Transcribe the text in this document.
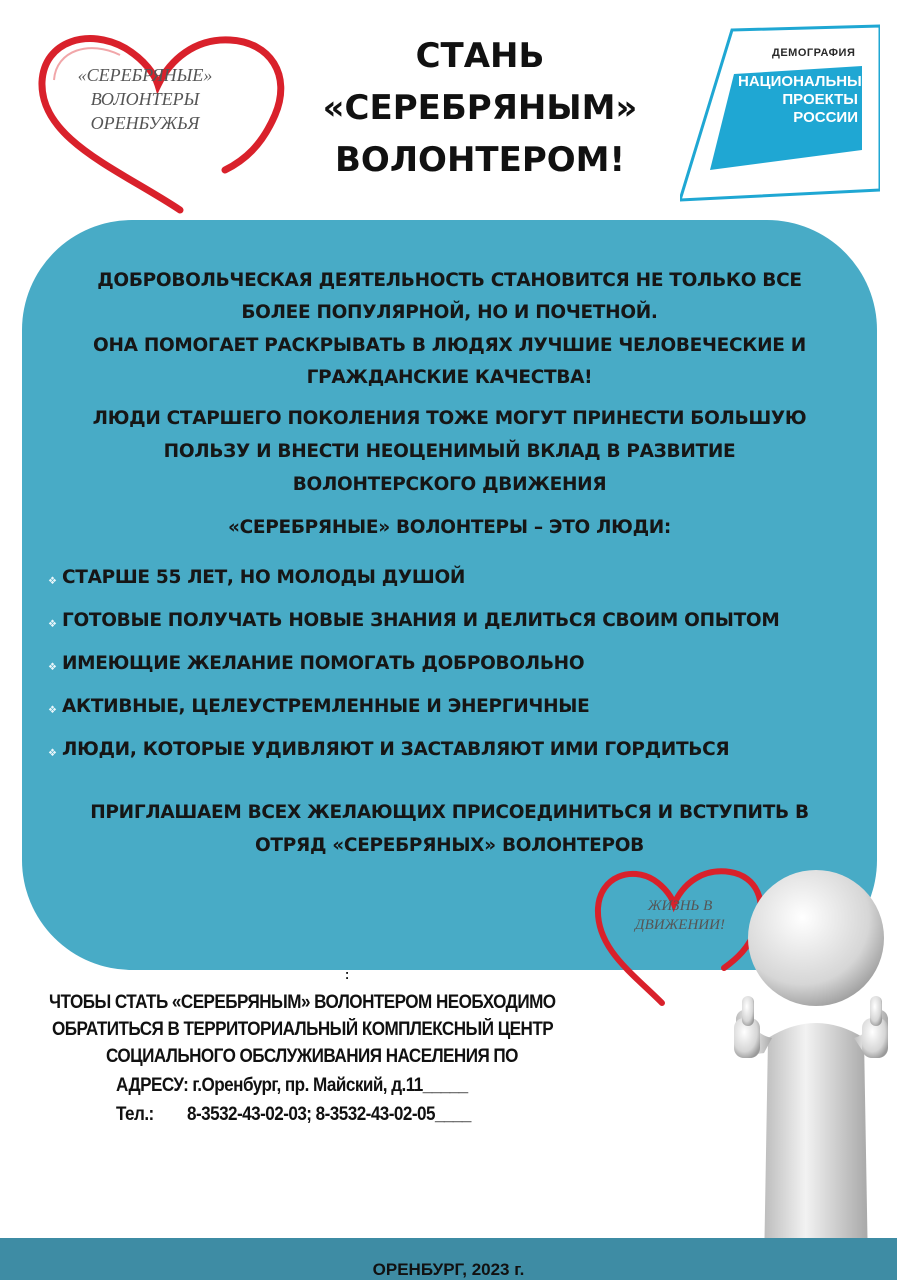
«СЕРЕБРЯНЫЕ»
ВОЛОНТЕРЫ
ОРЕНБУЖЬЯ
СТАНЬ
«СЕРЕБРЯНЫМ»
ВОЛОНТЕРОМ!
ДЕМОГРАФИЯ
НАЦИОНАЛЬНЫЕ
ПРОЕКТЫ
РОССИИ
ДОБРОВОЛЬЧЕСКАЯ ДЕЯТЕЛЬНОСТЬ СТАНОВИТСЯ НЕ ТОЛЬКО ВСЕ
БОЛЕЕ ПОПУЛЯРНОЙ, НО И ПОЧЕТНОЙ.
ОНА ПОМОГАЕТ РАСКРЫВАТЬ В ЛЮДЯХ ЛУЧШИЕ ЧЕЛОВЕЧЕСКИЕ И
ГРАЖДАНСКИЕ КАЧЕСТВА!
ЛЮДИ СТАРШЕГО ПОКОЛЕНИЯ ТОЖЕ МОГУТ ПРИНЕСТИ БОЛЬШУЮ
ПОЛЬЗУ И ВНЕСТИ НЕОЦЕНИМЫЙ ВКЛАД В РАЗВИТИЕ
ВОЛОНТЕРСКОГО ДВИЖЕНИЯ
«СЕРЕБРЯНЫЕ» ВОЛОНТЕРЫ – ЭТО ЛЮДИ:
❖ СТАРШЕ 55 ЛЕТ, НО МОЛОДЫ ДУШОЙ
❖ ГОТОВЫЕ ПОЛУЧАТЬ НОВЫЕ ЗНАНИЯ И ДЕЛИТЬСЯ СВОИМ ОПЫТОМ
❖ ИМЕЮЩИЕ ЖЕЛАНИЕ ПОМОГАТЬ ДОБРОВОЛЬНО
❖ АКТИВНЫЕ, ЦЕЛЕУСТРЕМЛЕННЫЕ И ЭНЕРГИЧНЫЕ
❖ ЛЮДИ, КОТОРЫЕ УДИВЛЯЮТ И ЗАСТАВЛЯЮТ ИМИ ГОРДИТЬСЯ
ПРИГЛАШАЕМ ВСЕХ ЖЕЛАЮЩИХ ПРИСОЕДИНИТЬСЯ И ВСТУПИТЬ В
ОТРЯД «СЕРЕБРЯНЫХ» ВОЛОНТЕРОВ
ЖИЗНЬ В
ДВИЖЕНИИ!
:
ЧТОБЫ СТАТЬ «СЕРЕБРЯНЫМ» ВОЛОНТЕРОМ НЕОБХОДИМО
ОБРАТИТЬСЯ В ТЕРРИТОРИАЛЬНЫЙ КОМПЛЕКСНЫЙ ЦЕНТР
СОЦИАЛЬНОГО ОБСЛУЖИВАНИЯ НАСЕЛЕНИЯ ПО
АДРЕСУ: г.Оренбург, пр. Майский, д.11_____
Тел.: 8-3532-43-02-03; 8-3532-43-02-05____
ОРЕНБУРГ, 2023 г.
